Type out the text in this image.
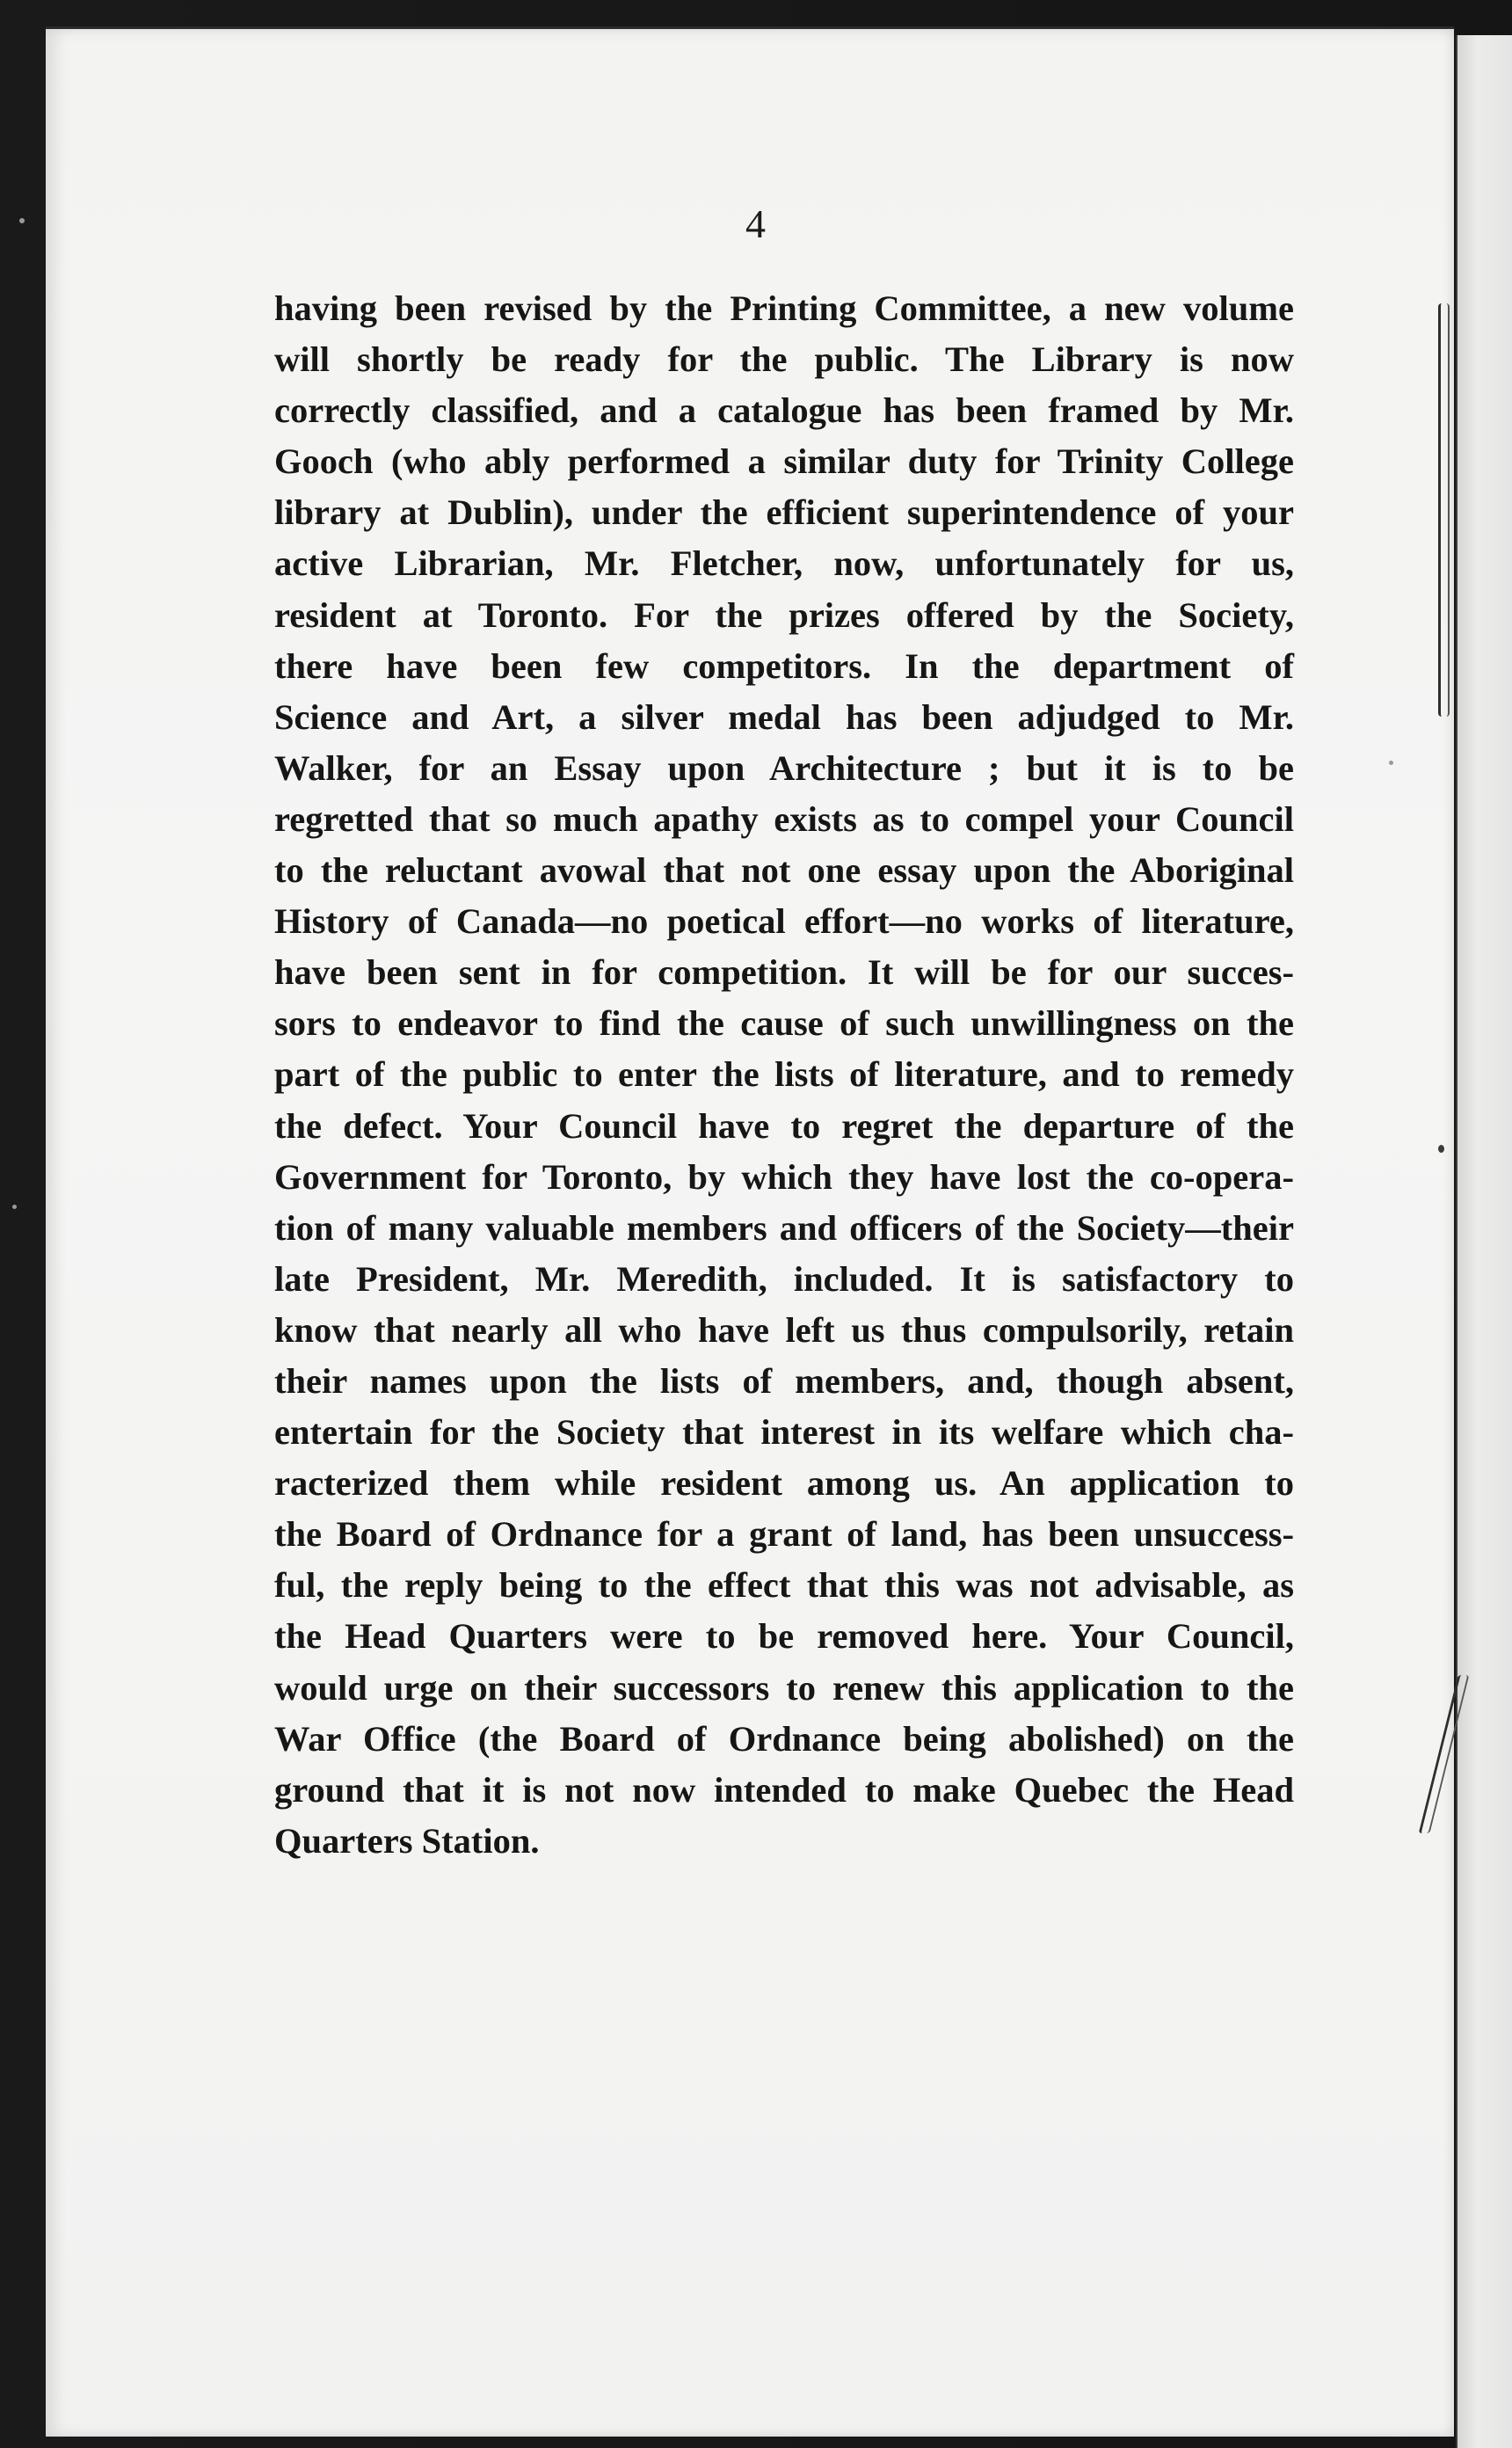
4
having been revised by the Printing Committee, a new volume
will shortly be ready for the public. The Library is now
correctly classified, and a catalogue has been framed by Mr.
Gooch (who ably performed a similar duty for Trinity College
library at Dublin), under the efficient superintendence of your
active Librarian, Mr. Fletcher, now, unfortunately for us,
resident at Toronto. For the prizes offered by the Society,
there have been few competitors. In the department of
Science and Art, a silver medal has been adjudged to Mr.
Walker, for an Essay upon Architecture ; but it is to be
regretted that so much apathy exists as to compel your Council
to the reluctant avowal that not one essay upon the Aboriginal
History of Canada—no poetical effort—no works of literature,
have been sent in for competition. It will be for our succes-
sors to endeavor to find the cause of such unwillingness on the
part of the public to enter the lists of literature, and to remedy
the defect. Your Council have to regret the departure of the
Government for Toronto, by which they have lost the co-opera-
tion of many valuable members and officers of the Society—their
late President, Mr. Meredith, included. It is satisfactory to
know that nearly all who have left us thus compulsorily, retain
their names upon the lists of members, and, though absent,
entertain for the Society that interest in its welfare which cha-
racterized them while resident among us. An application to
the Board of Ordnance for a grant of land, has been unsuccess-
ful, the reply being to the effect that this was not advisable, as
the Head Quarters were to be removed here. Your Council,
would urge on their successors to renew this application to the
War Office (the Board of Ordnance being abolished) on the
ground that it is not now intended to make Quebec the Head
Quarters Station.
